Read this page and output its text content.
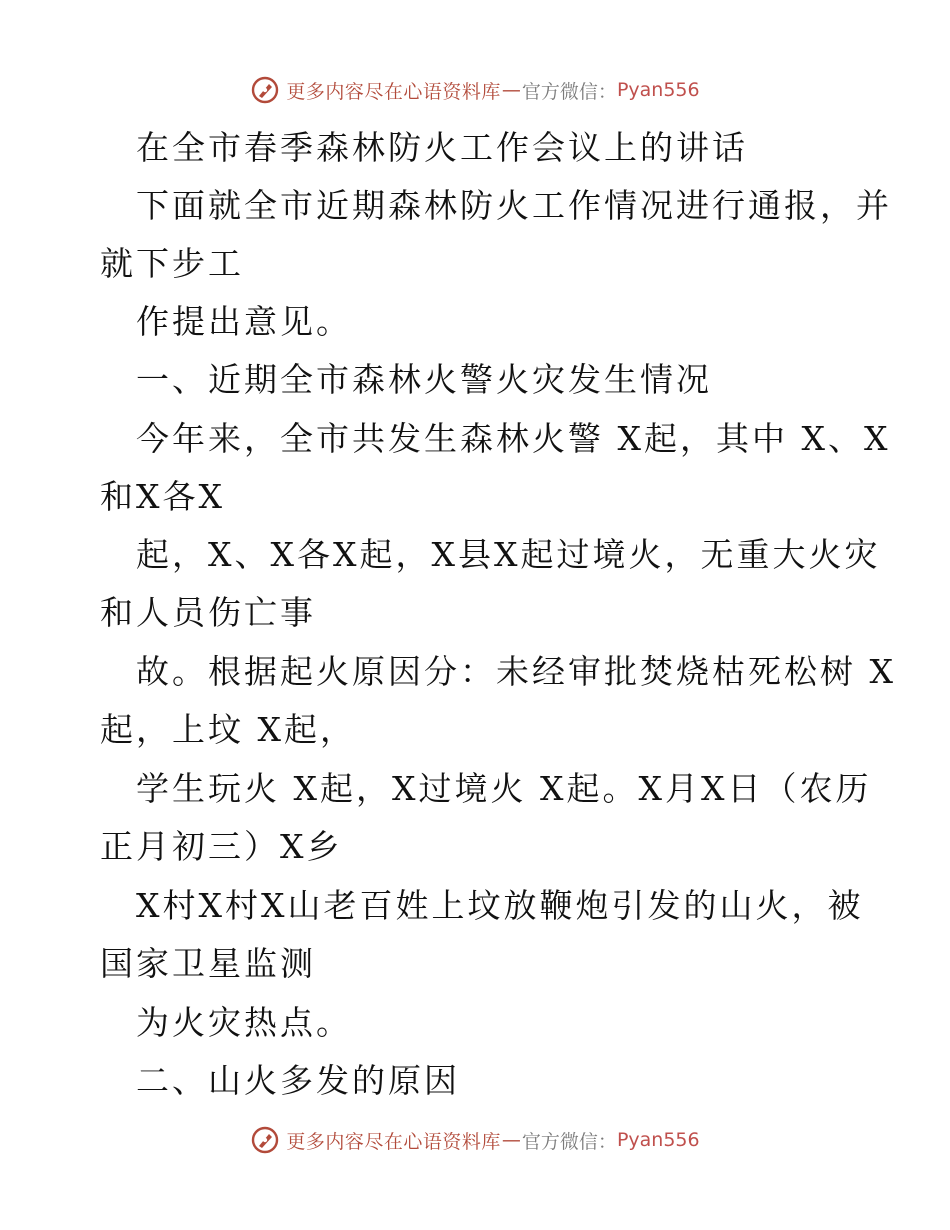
更多内容尽在心语资料库 — 官方微信： Pyan556
在全市春季森林防火工作会议上的讲话
下面就全市近期森林防火工作情况进行通报，并
就下步工
作提出意见。
一、近期全市森林火警火灾发生情况
今年来，全市共发生森林火警 X起，其中 X、X
和X各X
起，X、X各X起，X县X起过境火，无重大火灾
和人员伤亡事
故。根据起火原因分：未经审批焚烧枯死松树 X
起，上坟 X起，
学生玩火 X起，X过境火 X起。X月X日（农历
正月初三）X乡
X村X村X山老百姓上坟放鞭炮引发的山火，被
国家卫星监测
为火灾热点。
二、山火多发的原因
更多内容尽在心语资料库 — 官方微信： Pyan556
